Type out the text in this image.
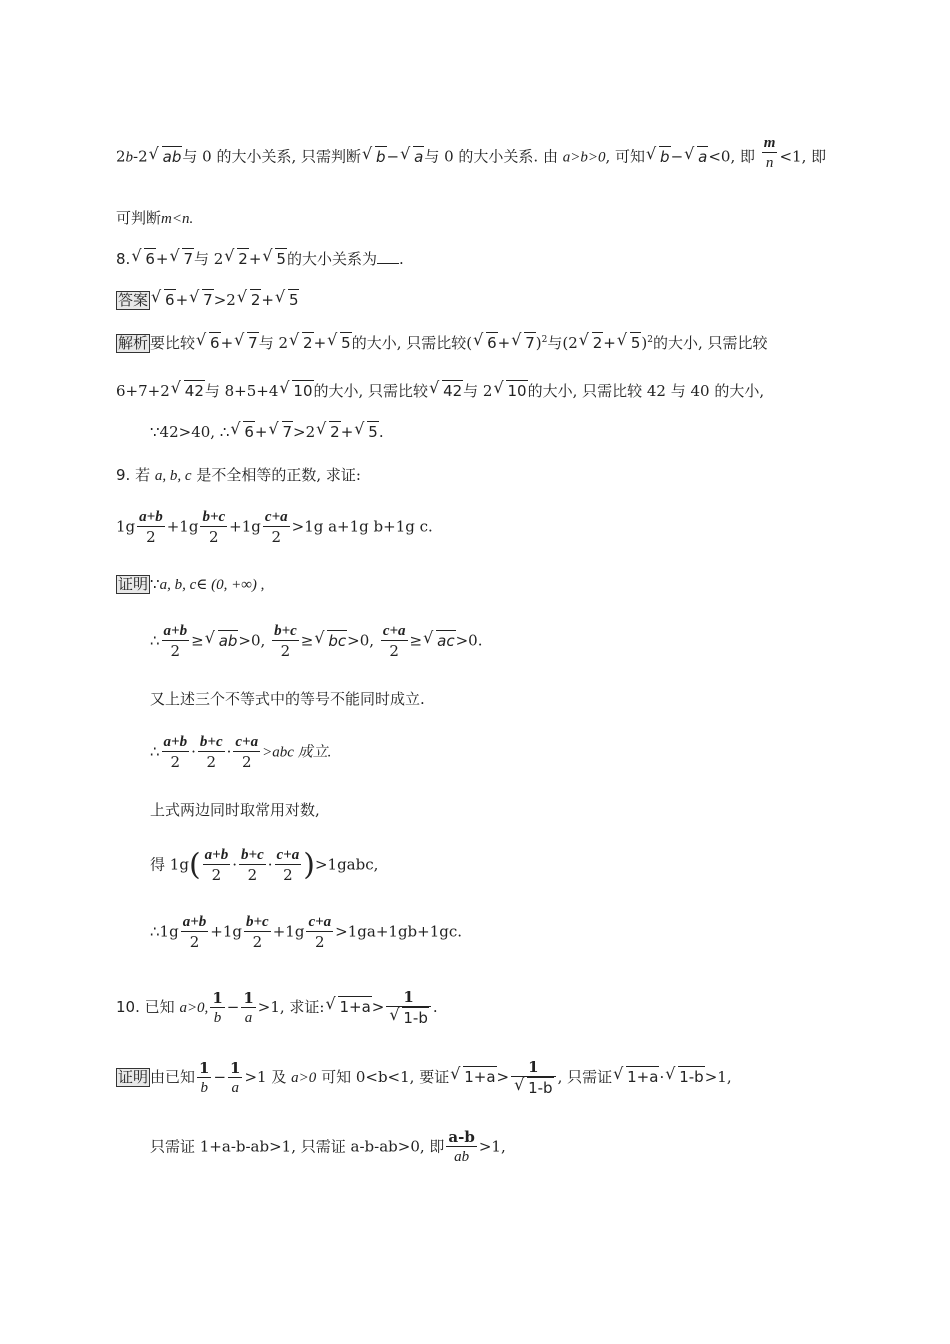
2b-2 √ ab与 0 的大小关系, 只需判断 √ b− √ a与 0 的大小关系. 由 a>b>0, 可知 √ b− √ a<0, 即 $\frac{m}{n} <1$, 即
可判断m<n.
8. √ 6+ √ 7与 2 √ 2+ √ 5的大小关系为 .
答案 √ 6+ √ 7>2 √ 2+ √ 5
解析 要比较 √ 6+ √ 7与 2 √ 2+ √ 5的大小, 只需比较( √ 6+ √ 7)$^2$与(2 √ 2+ √ 5)$^2$的大小, 只需比较
6+7+2 √ 42与 8+5+4 √ 10的大小, 只需比较 √ 42与 2 √ 10的大小, 只需比较 42 与 40 的大小,
∵42>40, ∴ √ 6+ √ 7>2 √ 2+ √ 5.
9. 若 a, b, c 是不全相等的正数, 求证:
$1g \frac{a+b}{2} +1g \frac{b+c}{2} +1g \frac{c+a}{2} >1g$ a+1g b+1g c.
证明 ∵a, b, c∈ (0, +∞) ,
∴ $\frac{a+b}{2}$ ≥ √ ab>0, $\frac{b+c}{2}$ ≥ √ bc>0, $\frac{c+a}{2}$ ≥ √ ac>0.
又上述三个不等式中的等号不能同时成立.
∴ $\frac{a+b}{2} \cdot \frac{b+c}{2} \cdot \frac{c+a}{2} >abc$ 成立.
上式两边同时取常用对数,
得 $1g( \frac{a+b}{2} \cdot \frac{b+c}{2} \cdot \frac{c+a}{2}$ )>1gabc,
∴1g $\frac{a+b}{2} +1g \frac{b+c}{2} +1g \frac{c+a}{2} >1ga+1gb+1gc$.
10. 已知 a>0, $\frac{1}{b} - \frac{1}{a} >1$, 求证: √ $1+a> \frac{1}{√ 1-b}$ .
证明 由已知 $\frac{1}{b} - \frac{1}{a} >1$ 及 a>0 可知 0<b<1, 要证 √ $1+a> \frac{1}{√ 1-b}$ , 只需证 √ 1+a· √ 1-b>1,
只需证 1+a-b-ab>1, 只需证 a-b-ab>0, 即 $\frac{a-b}{ab} >1$,
